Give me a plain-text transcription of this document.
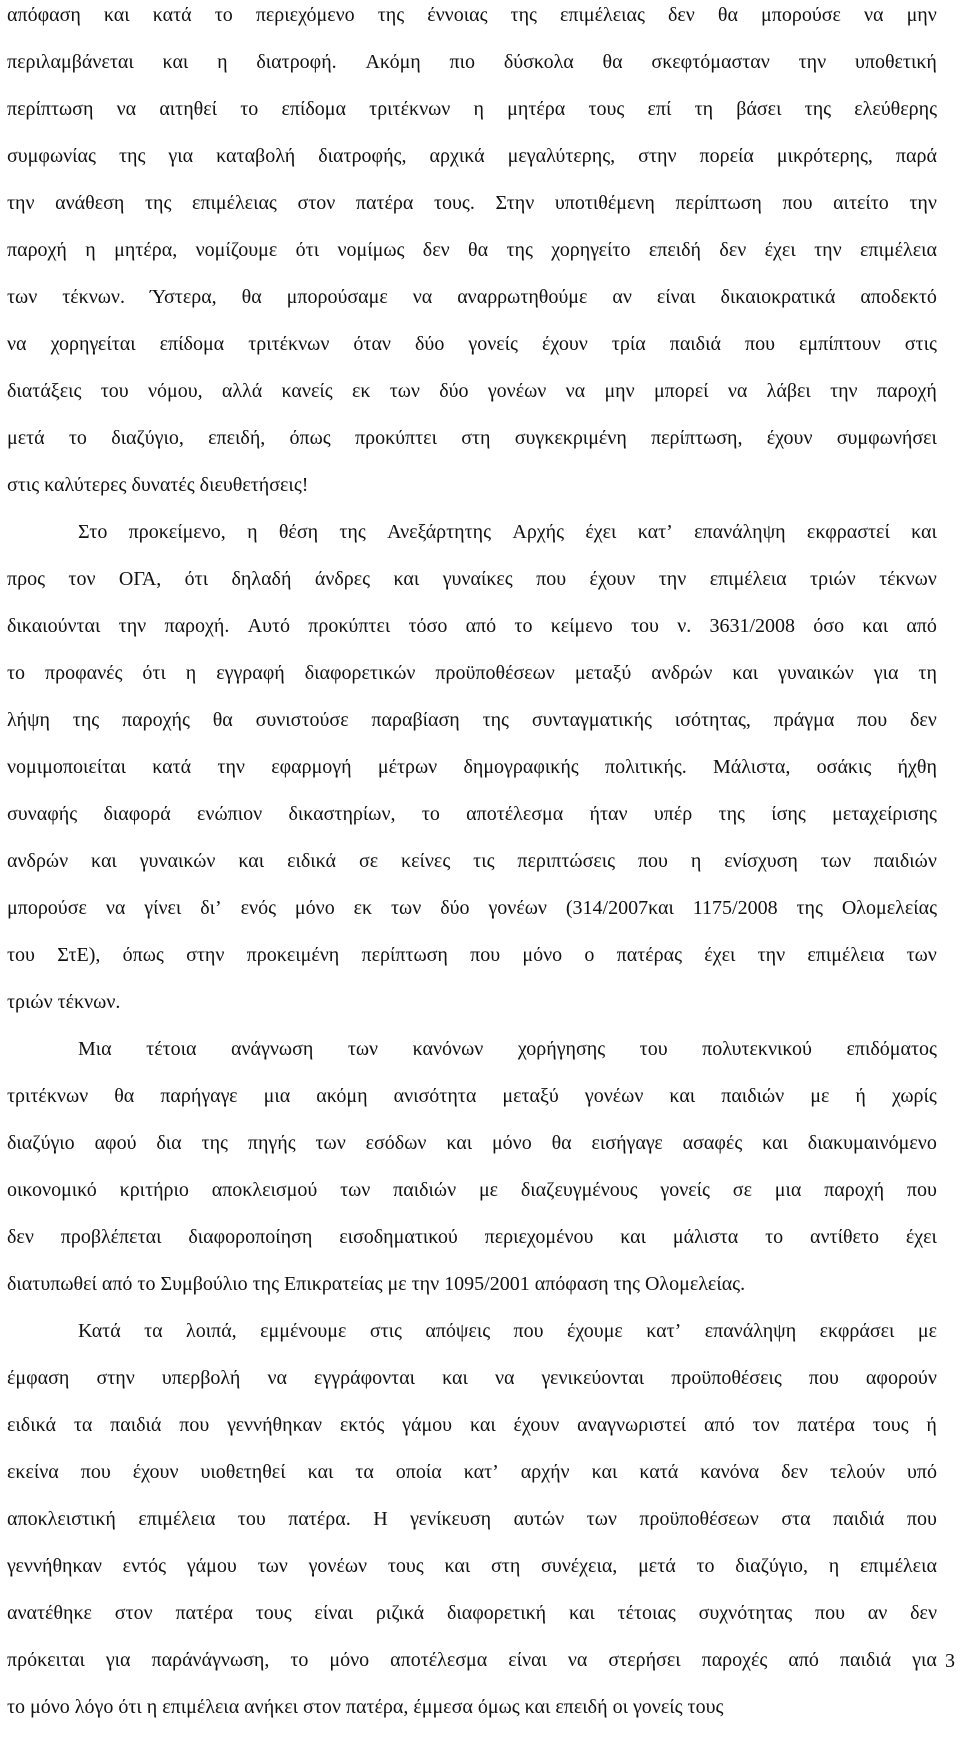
απόφαση και κατά το περιεχόμενο της έννοιας της επιμέλειας δεν θα μπορούσε να μην
περιλαμβάνεται και η διατροφή. Ακόμη πιο δύσκολα θα σκεφτόμασταν την υποθετική
περίπτωση να αιτηθεί το επίδομα τριτέκνων η μητέρα τους επί τη βάσει της ελεύθερης
συμφωνίας της για καταβολή διατροφής, αρχικά μεγαλύτερης, στην πορεία μικρότερης, παρά
την ανάθεση της επιμέλειας στον πατέρα τους. Στην υποτιθέμενη περίπτωση που αιτείτο την
παροχή η μητέρα, νομίζουμε ότι νομίμως δεν θα της χορηγείτο επειδή δεν έχει την επιμέλεια
των τέκνων. Ύστερα, θα μπορούσαμε να αναρρωτηθούμε αν είναι δικαιοκρατικά αποδεκτό
να χορηγείται επίδομα τριτέκνων όταν δύο γονείς έχουν τρία παιδιά που εμπίπτουν στις
διατάξεις του νόμου, αλλά κανείς εκ των δύο γονέων να μην μπορεί να λάβει την παροχή
μετά το διαζύγιο, επειδή, όπως προκύπτει στη συγκεκριμένη περίπτωση, έχουν συμφωνήσει
στις καλύτερες δυνατές διευθετήσεις!
Στο προκείμενο, η θέση της Ανεξάρτητης Αρχής έχει κατ’ επανάληψη εκφραστεί και
προς τον ΟΓΑ, ότι δηλαδή άνδρες και γυναίκες που έχουν την επιμέλεια τριών τέκνων
δικαιούνται την παροχή. Αυτό προκύπτει τόσο από το κείμενο του ν. 3631/2008 όσο και από
το προφανές ότι η εγγραφή διαφορετικών προϋποθέσεων μεταξύ ανδρών και γυναικών για τη
λήψη της παροχής θα συνιστούσε παραβίαση της συνταγματικής ισότητας, πράγμα που δεν
νομιμοποιείται κατά την εφαρμογή μέτρων δημογραφικής πολιτικής. Μάλιστα, οσάκις ήχθη
συναφής διαφορά ενώπιον δικαστηρίων, το αποτέλεσμα ήταν υπέρ της ίσης μεταχείρισης
ανδρών και γυναικών και ειδικά σε κείνες τις περιπτώσεις που η ενίσχυση των παιδιών
μπορούσε να γίνει δι’ ενός μόνο εκ των δύο γονέων (314/2007και 1175/2008 της Ολομελείας
του ΣτΕ), όπως στην προκειμένη περίπτωση που μόνο ο πατέρας έχει την επιμέλεια των
τριών τέκνων.
Μια τέτοια ανάγνωση των κανόνων χορήγησης του πολυτεκνικού επιδόματος
τριτέκνων θα παρήγαγε μια ακόμη ανισότητα μεταξύ γονέων και παιδιών με ή χωρίς
διαζύγιο αφού δια της πηγής των εσόδων και μόνο θα εισήγαγε ασαφές και διακυμαινόμενο
οικονομικό κριτήριο αποκλεισμού των παιδιών με διαζευγμένους γονείς σε μια παροχή που
δεν προβλέπεται διαφοροποίηση εισοδηματικού περιεχομένου και μάλιστα το αντίθετο έχει
διατυπωθεί από το Συμβούλιο της Επικρατείας με την 1095/2001 απόφαση της Ολομελείας.
Κατά τα λοιπά, εμμένουμε στις απόψεις που έχουμε κατ’ επανάληψη εκφράσει με
έμφαση στην υπερβολή να εγγράφονται και να γενικεύονται προϋποθέσεις που αφορούν
ειδικά τα παιδιά που γεννήθηκαν εκτός γάμου και έχουν αναγνωριστεί από τον πατέρα τους ή
εκείνα που έχουν υιοθετηθεί και τα οποία κατ’ αρχήν και κατά κανόνα δεν τελούν υπό
αποκλειστική επιμέλεια του πατέρα. Η γενίκευση αυτών των προϋποθέσεων στα παιδιά που
γεννήθηκαν εντός γάμου των γονέων τους και στη συνέχεια, μετά το διαζύγιο, η επιμέλεια
ανατέθηκε στον πατέρα τους είναι ριζικά διαφορετική και τέτοιας συχνότητας που αν δεν
πρόκειται για παράνάγνωση, το μόνο αποτέλεσμα είναι να στερήσει παροχές από παιδιά για
το μόνο λόγο ότι η επιμέλεια ανήκει στον πατέρα, έμμεσα όμως και επειδή οι γονείς τους
3
